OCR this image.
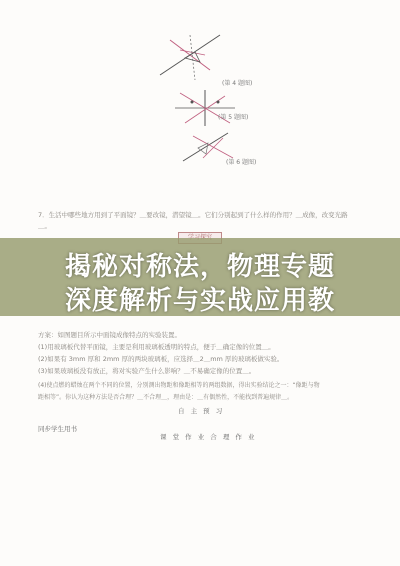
(第 4 题图)
(第 5 题图)
(第 6 题图)
7．生活中哪些地方用到了平面镜？＿要改镜，潜望镜＿。它们分别起到了什么样的作用？＿成像，改变光路
＿。
揭秘对称法，物理专题
深度解析与实战应用教
方案：如图题目所示中面镜成像特点的实验装置。
(1)用玻璃板代替平面镜，主要是利用玻璃板透明的特点，便于＿确定像的位置＿。
(2)如果有 3mm 厚和 2mm 厚的两块玻璃板，应选择＿2＿mm 厚的玻璃板做实验。
(3)如果玻璃板没有放正，将对实验产生什么影响？＿不易确定像的位置＿。
(4)使点燃的蜡烛在两个不同的位置，分别测出物距和像距相等的两组数据，得出实验结论之一：“像距与物
距相等”。你认为这种方法是否合理？＿不合理＿，理由是：＿有偶然性，不能找到普遍规律＿。
自 主 预 习
同步学生用书
课 堂 作 业 合 理 作 业
